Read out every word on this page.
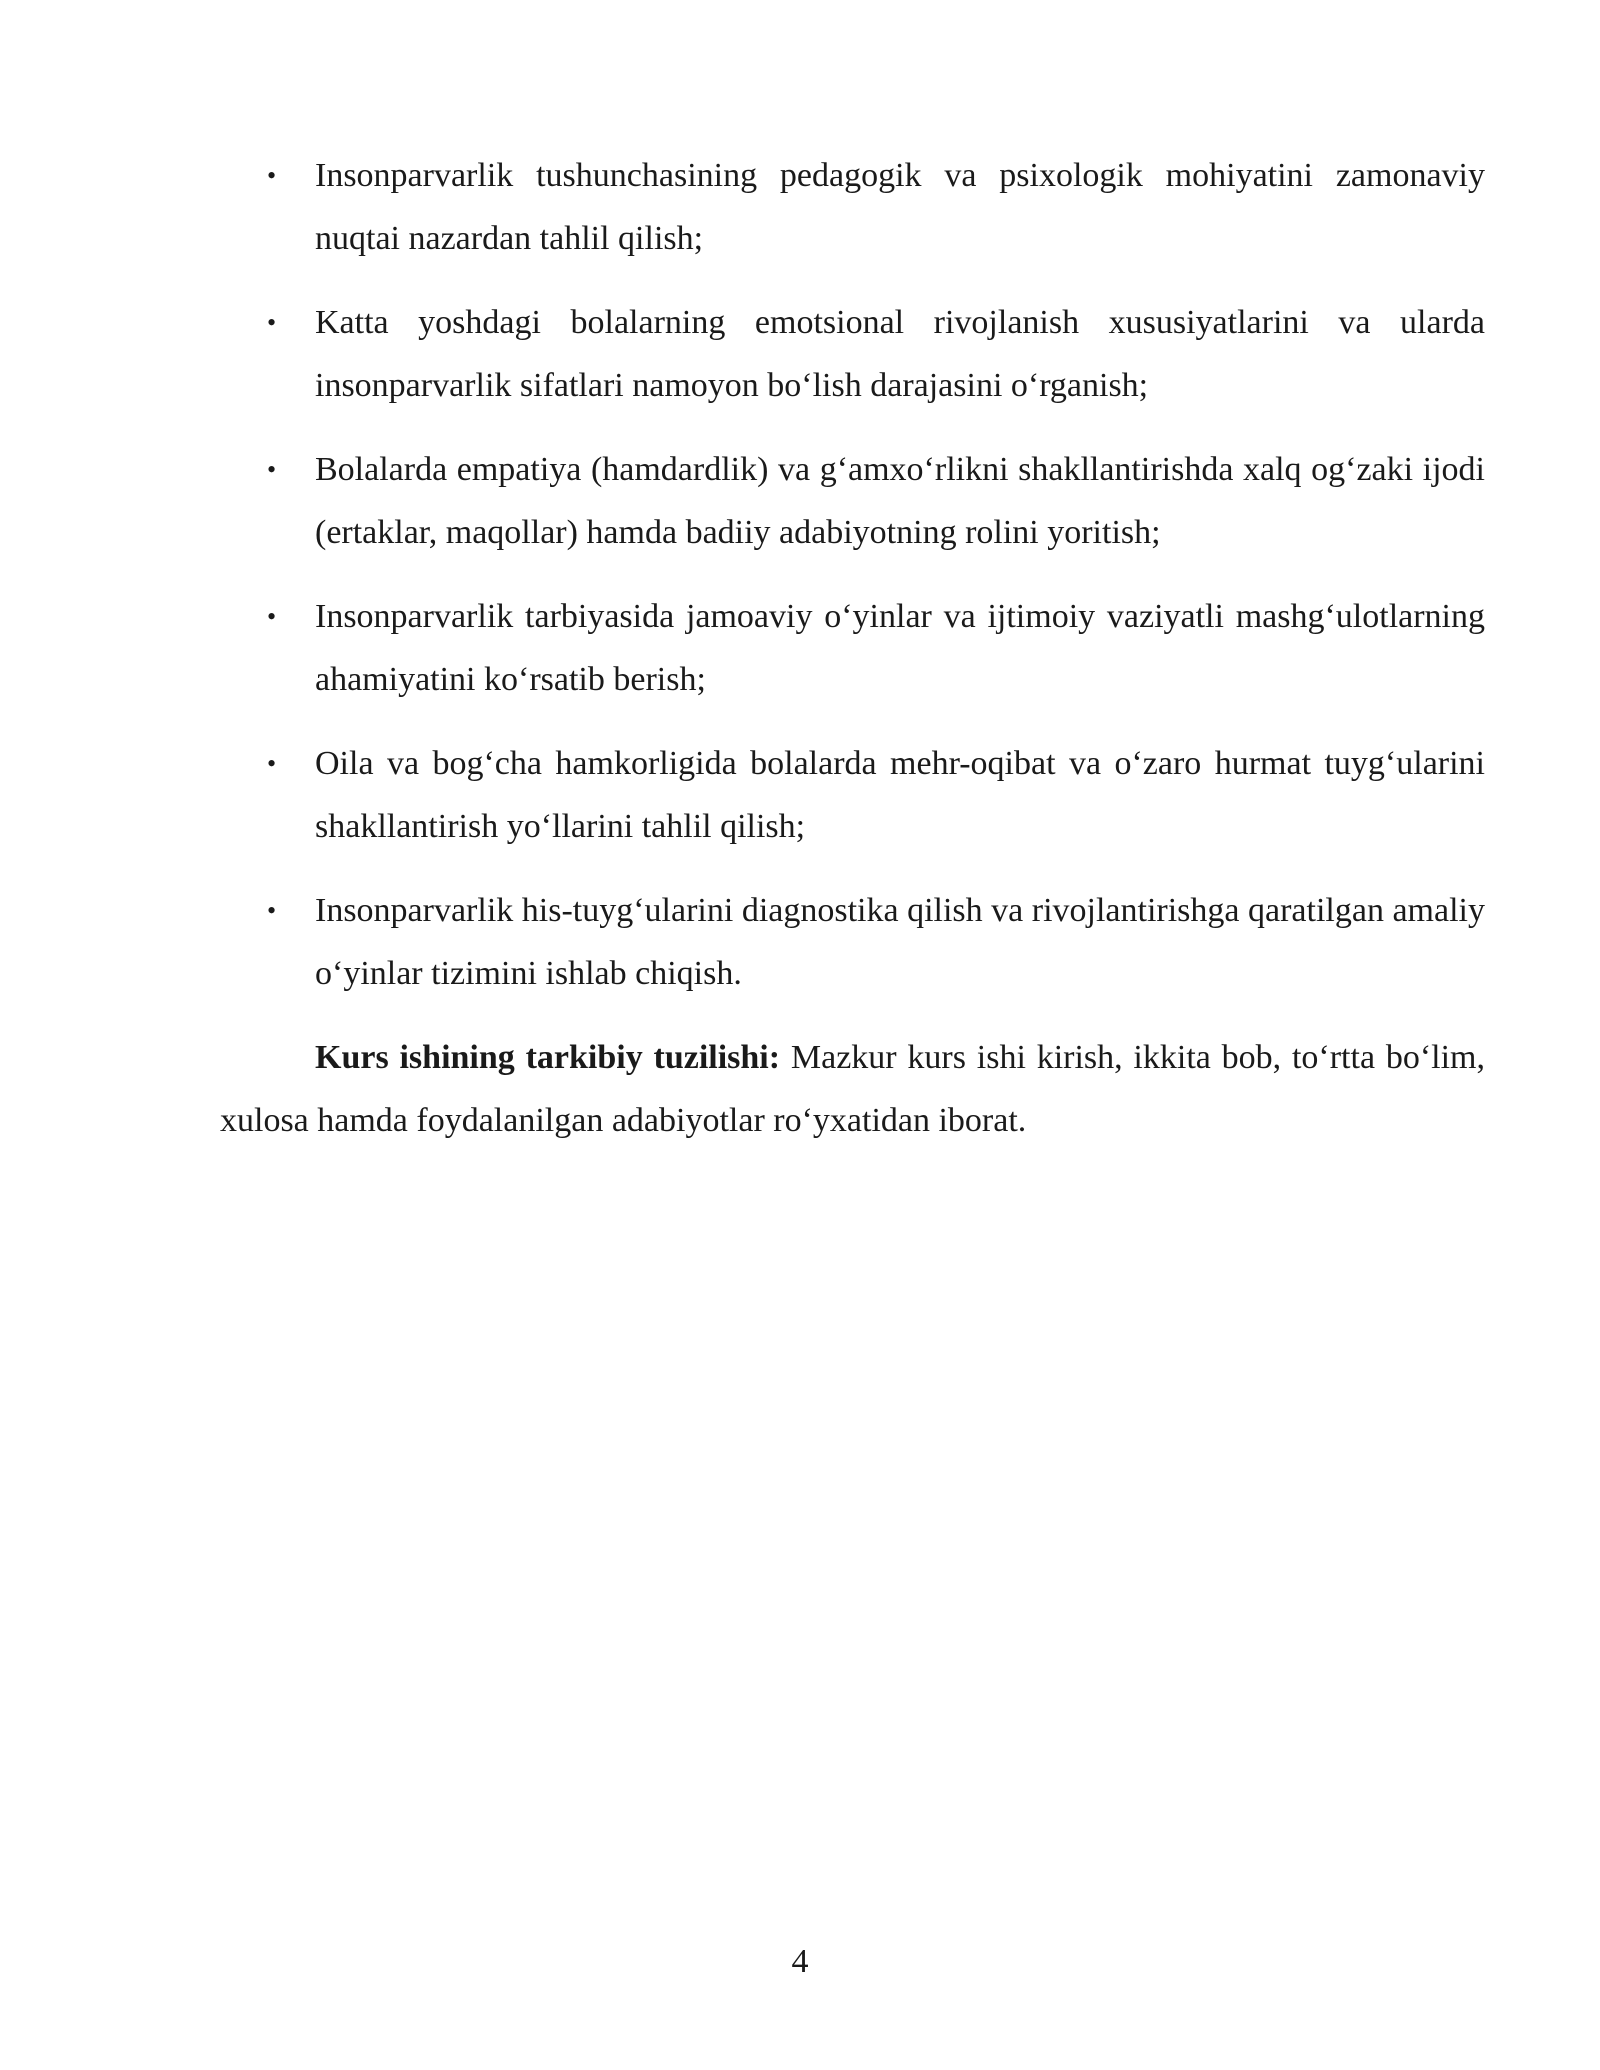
• Insonparvarlik tushunchasining pedagogik va psixologik mohiyatini zamonaviy nuqtai nazardan tahlil qilish;
• Katta yoshdagi bolalarning emotsional rivojlanish xususiyatlarini va ularda insonparvarlik sifatlari namoyon bo‘lish darajasini o‘rganish;
• Bolalarda empatiya (hamdardlik) va g‘amxo‘rlikni shakllantirishda xalq og‘zaki ijodi (ertaklar, maqollar) hamda badiiy adabiyotning rolini yoritish;
• Insonparvarlik tarbiyasida jamoaviy o‘yinlar va ijtimoiy vaziyatli mashg‘ulotlarning ahamiyatini ko‘rsatib berish;
• Oila va bog‘cha hamkorligida bolalarda mehr-oqibat va o‘zaro hurmat tuyg‘ularini shakllantirish yo‘llarini tahlil qilish;
• Insonparvarlik his-tuyg‘ularini diagnostika qilish va rivojlantirishga qaratilgan amaliy o‘yinlar tizimini ishlab chiqish.

Kurs ishining tarkibiy tuzilishi: Mazkur kurs ishi kirish, ikkita bob, to‘rtta bo‘lim, xulosa hamda foydalanilgan adabiyotlar ro‘yxatidan iborat.

4
